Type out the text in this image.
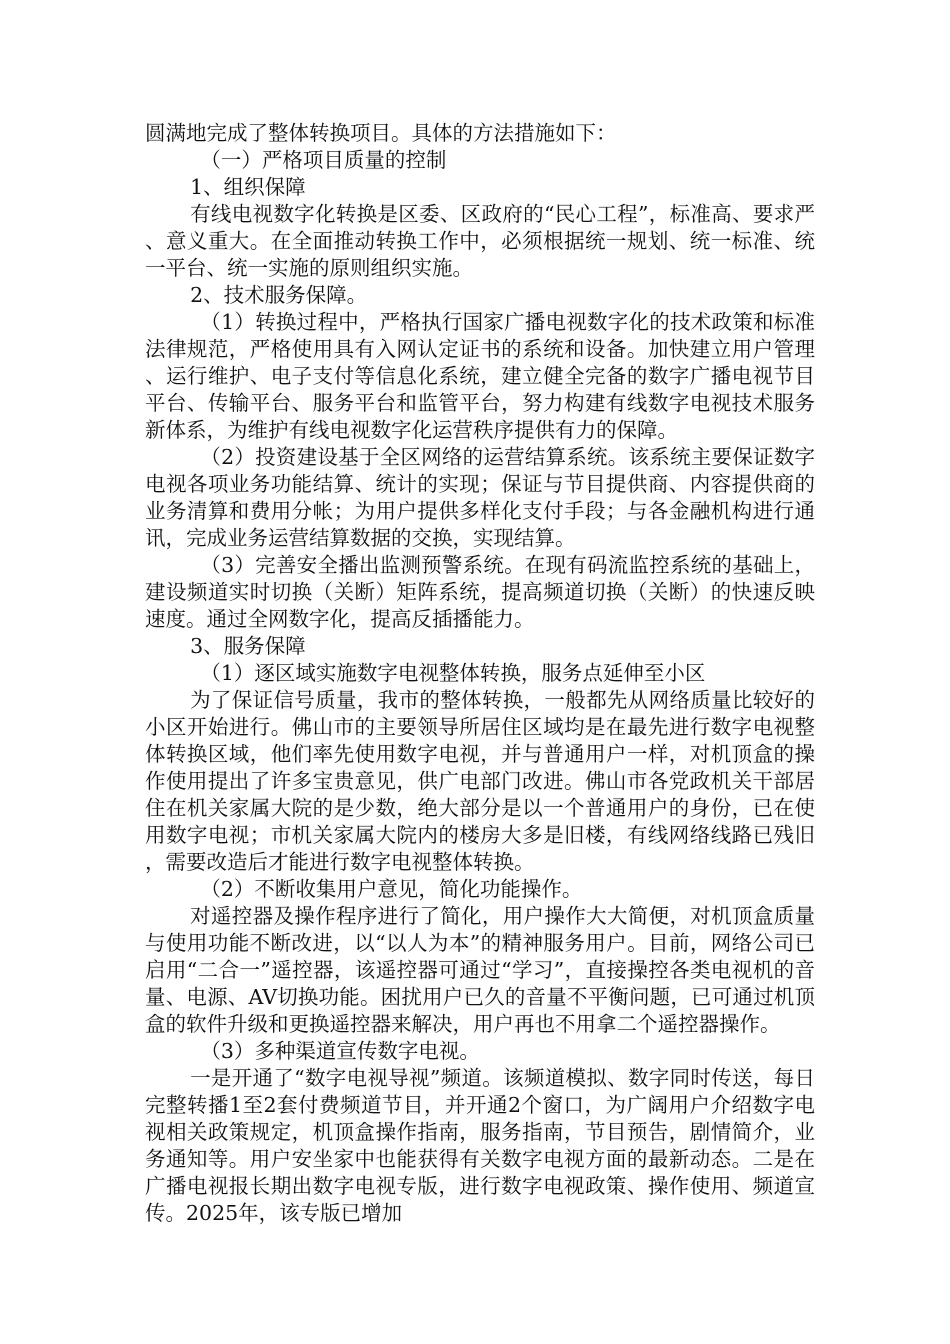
圆满地完成了整体转换项目。具体的方法措施如下：

（一）严格项目质量的控制

1、组织保障

有线电视数字化转换是区委、区政府的“民心工程”，标准高、要求严、意义重大。在全面推动转换工作中，必须根据统一规划、统一标准、统一平台、统一实施的原则组织实施。

2、技术服务保障。

（1）转换过程中，严格执行国家广播电视数字化的技术政策和标准法律规范，严格使用具有入网认定证书的系统和设备。加快建立用户管理、运行维护、电子支付等信息化系统，建立健全完备的数字广播电视节目平台、传输平台、服务平台和监管平台，努力构建有线数字电视技术服务新体系，为维护有线电视数字化运营秩序提供有力的保障。

（2）投资建设基于全区网络的运营结算系统。该系统主要保证数字电视各项业务功能结算、统计的实现；保证与节目提供商、内容提供商的业务清算和费用分帐；为用户提供多样化支付手段；与各金融机构进行通讯，完成业务运营结算数据的交换，实现结算。

（3）完善安全播出监测预警系统。在现有码流监控系统的基础上，建设频道实时切换（关断）矩阵系统，提高频道切换（关断）的快速反映速度。通过全网数字化，提高反插播能力。

3、服务保障

（1）逐区域实施数字电视整体转换，服务点延伸至小区

为了保证信号质量，我市的整体转换，一般都先从网络质量比较好的小区开始进行。佛山市的主要领导所居住区域均是在最先进行数字电视整体转换区域，他们率先使用数字电视，并与普通用户一样，对机顶盒的操作使用提出了许多宝贵意见，供广电部门改进。佛山市各党政机关干部居住在机关家属大院的是少数，绝大部分是以一个普通用户的身份，已在使用数字电视；市机关家属大院内的楼房大多是旧楼，有线网络线路已残旧，需要改造后才能进行数字电视整体转换。

（2）不断收集用户意见，简化功能操作。

对遥控器及操作程序进行了简化，用户操作大大简便，对机顶盒质量与使用功能不断改进，以“以人为本”的精神服务用户。目前，网络公司已启用“二合一”遥控器，该遥控器可通过“学习”，直接操控各类电视机的音量、电源、AV切换功能。困扰用户已久的音量不平衡问题，已可通过机顶盒的软件升级和更换遥控器来解决，用户再也不用拿二个遥控器操作。

（3）多种渠道宣传数字电视。

一是开通了“数字电视导视”频道。该频道模拟、数字同时传送，每日完整转播1至2套付费频道节目，并开通2个窗口，为广阔用户介绍数字电视相关政策规定，机顶盒操作指南，服务指南，节目预告，剧情简介，业务通知等。用户安坐家中也能获得有关数字电视方面的最新动态。二是在广播电视报长期出数字电视专版，进行数字电视政策、操作使用、频道宣传。2025年，该专版已增加
